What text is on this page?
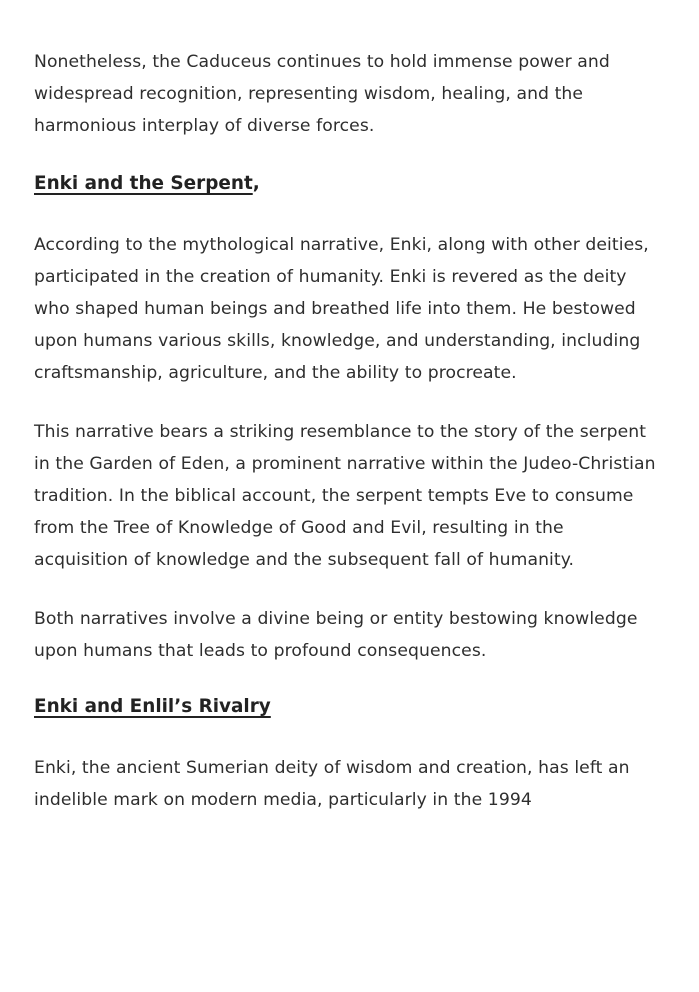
Nonetheless, the Caduceus continues to hold immense power and widespread recognition, representing wisdom, healing, and the harmonious interplay of diverse forces.

Enki and the Serpent,

According to the mythological narrative, Enki, along with other deities, participated in the creation of humanity. Enki is revered as the deity who shaped human beings and breathed life into them. He bestowed upon humans various skills, knowledge, and understanding, including craftsmanship, agriculture, and the ability to procreate.

This narrative bears a striking resemblance to the story of the serpent in the Garden of Eden, a prominent narrative within the Judeo-Christian tradition. In the biblical account, the serpent tempts Eve to consume from the Tree of Knowledge of Good and Evil, resulting in the acquisition of knowledge and the subsequent fall of humanity.

Both narratives involve a divine being or entity bestowing knowledge upon humans that leads to profound consequences.

Enki and Enlil’s Rivalry

Enki, the ancient Sumerian deity of wisdom and creation, has left an indelible mark on modern media, particularly in the 1994
